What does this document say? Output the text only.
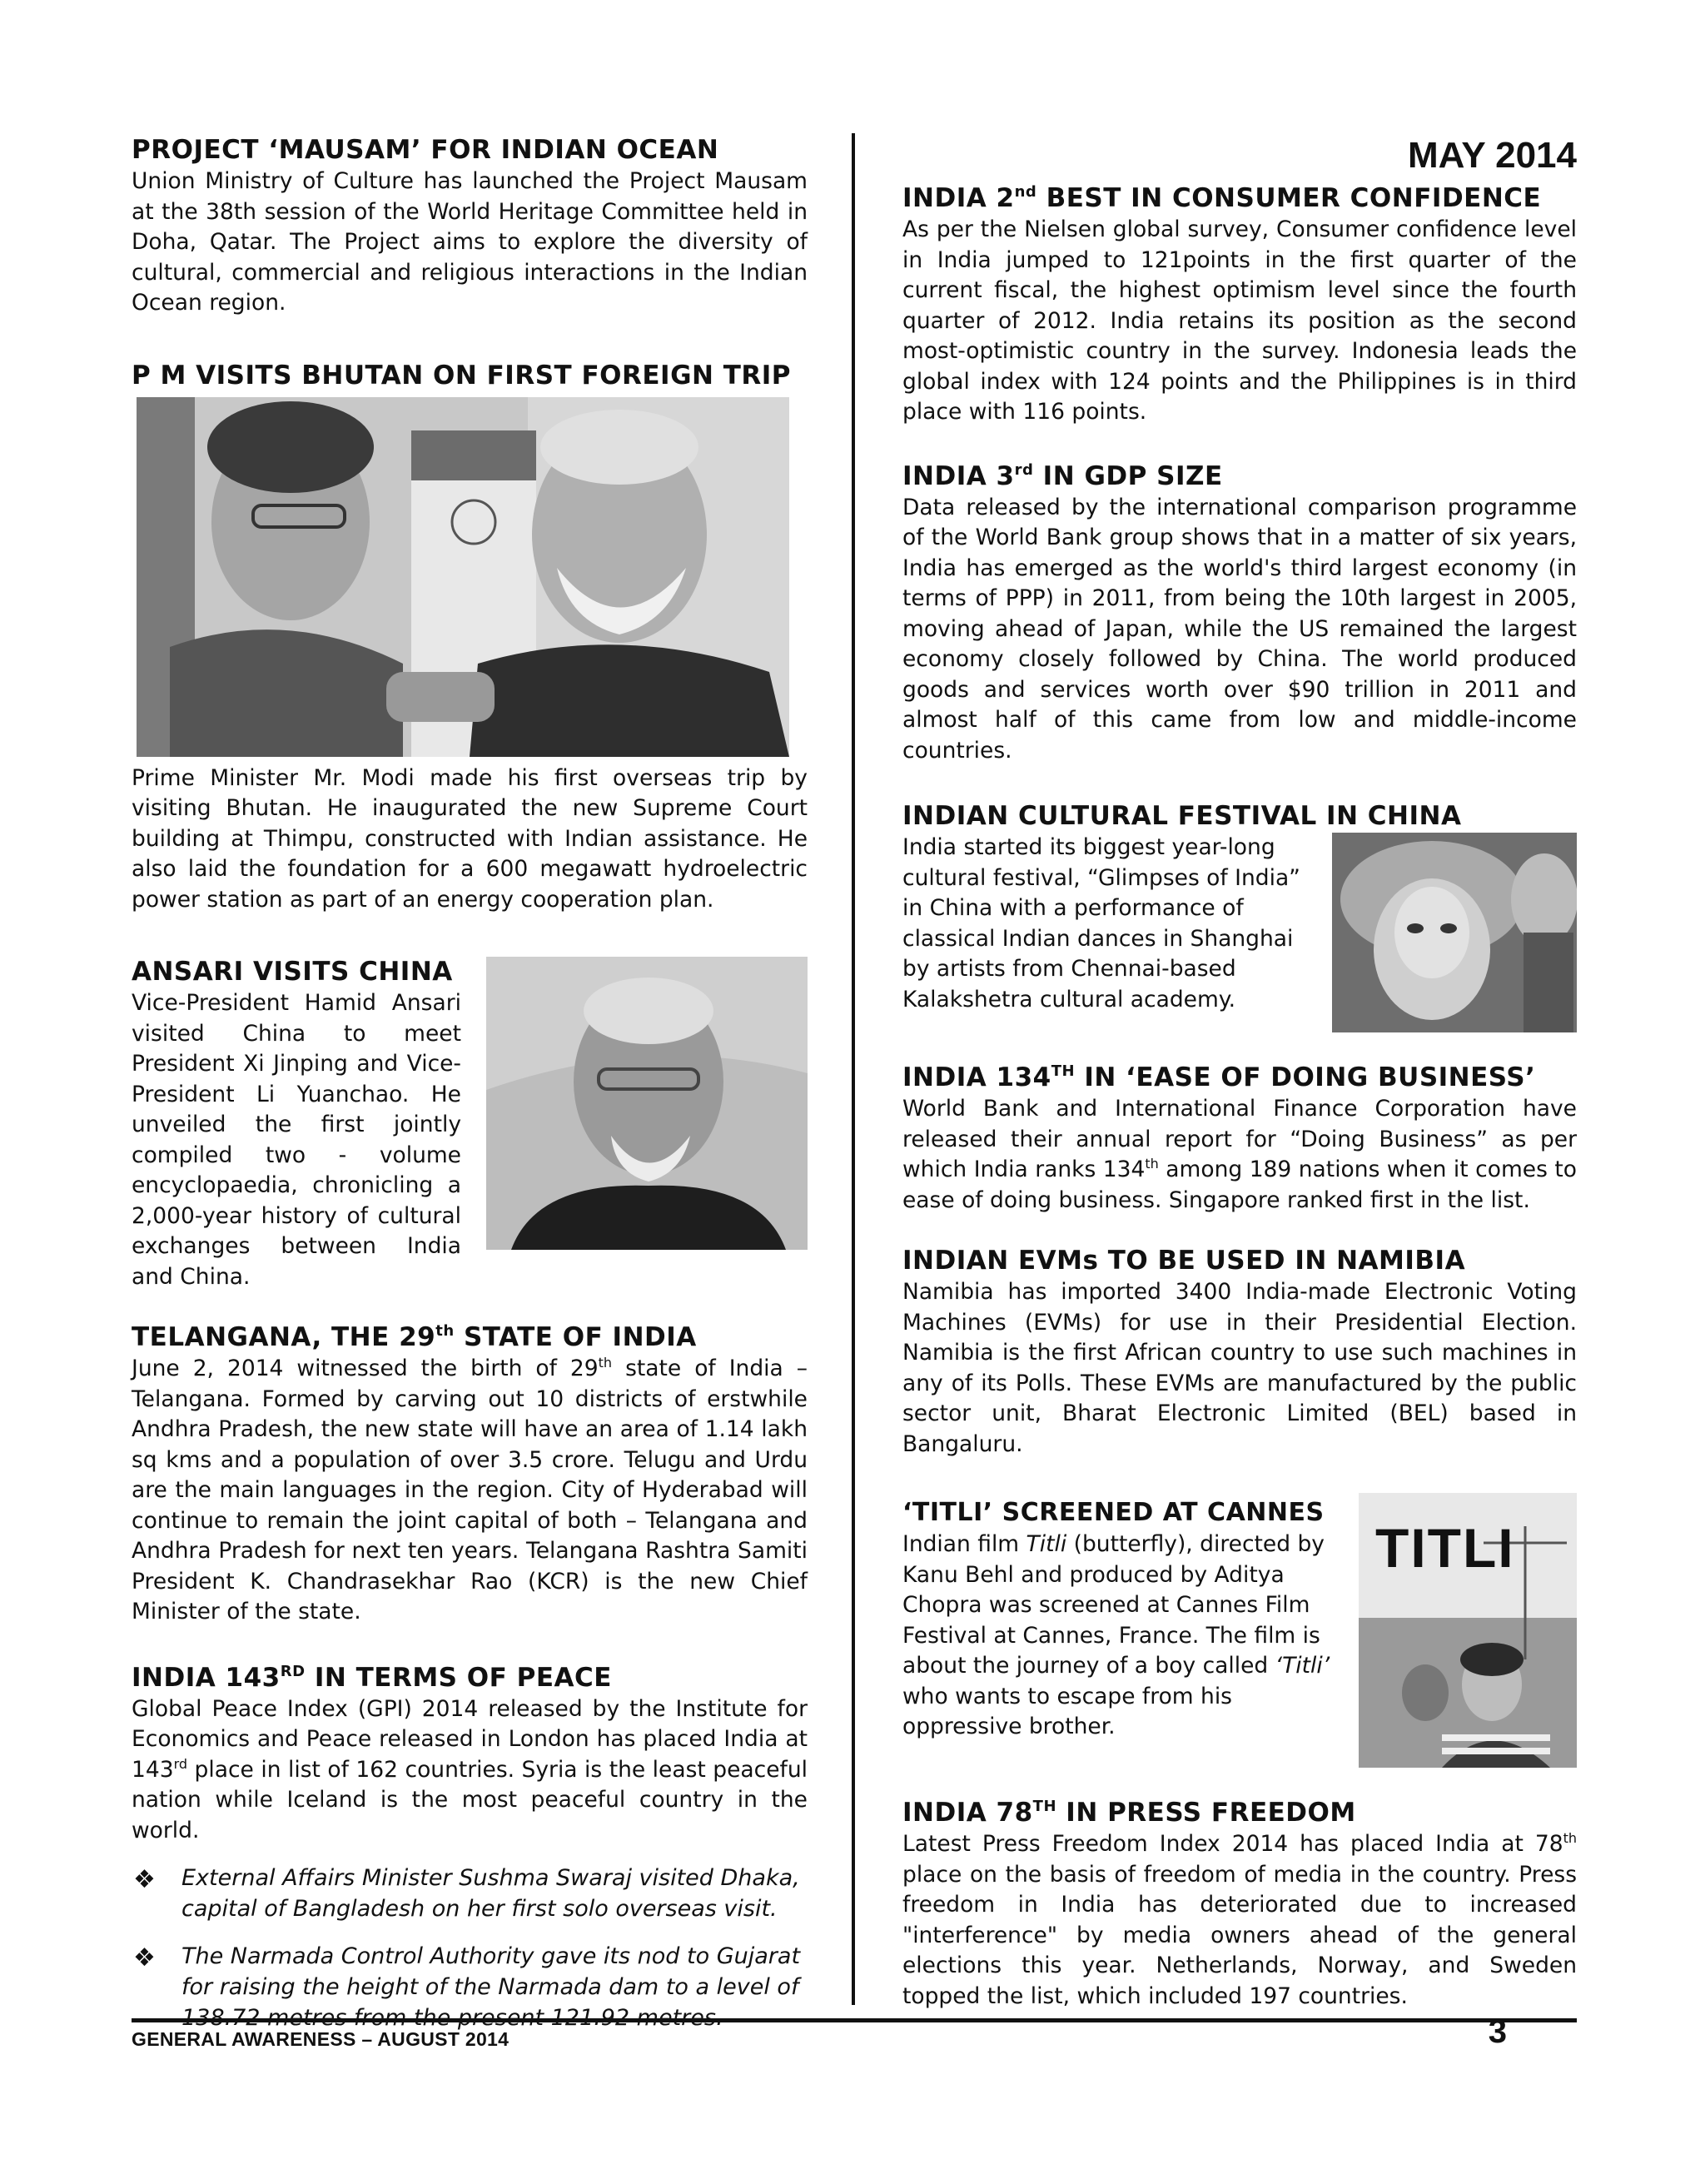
MAY 2014
PROJECT ‘MAUSAM’ FOR INDIAN OCEAN

Union Ministry of Culture has launched the Project Mausam at the 38th session of the World Heritage Committee held in Doha, Qatar. The Project aims to explore the diversity of cultural, commercial and religious interactions in the Indian Ocean region.

P M VISITS BHUTAN ON FIRST FOREIGN TRIP

Prime Minister Mr. Modi made his first overseas trip by visiting Bhutan. He inaugurated the new Supreme Court building at Thimpu, constructed with Indian assistance. He also laid the foundation for a 600 megawatt hydroelectric power station as part of an energy cooperation plan.

ANSARI VISITS CHINA

Vice-President Hamid Ansari visited China to meet President Xi Jinping and Vice-President Li Yuanchao. He unveiled the first jointly compiled two - volume encyclopaedia, chronicling a 2,000-year history of cultural exchanges between India and China.

TELANGANA, THE 29th STATE OF INDIA

June 2, 2014 witnessed the birth of 29th state of India – Telangana. Formed by carving out 10 districts of erstwhile Andhra Pradesh, the new state will have an area of 1.14 lakh sq kms and a population of over 3.5 crore. Telugu and Urdu are the main languages in the region. City of Hyderabad will continue to remain the joint capital of both – Telangana and Andhra Pradesh for next ten years. Telangana Rashtra Samiti President K. Chandrasekhar Rao (KCR) is the new Chief Minister of the state.

INDIA 143RD IN TERMS OF PEACE

Global Peace Index (GPI) 2014 released by the Institute for Economics and Peace released in London has placed India at 143rd place in list of 162 countries. Syria is the least peaceful nation while Iceland is the most peaceful country in the world.

❖ External Affairs Minister Sushma Swaraj visited Dhaka, capital of Bangladesh on her first solo overseas visit.
❖ The Narmada Control Authority gave its nod to Gujarat for raising the height of the Narmada dam to a level of
INDIA 2nd BEST IN CONSUMER CONFIDENCE

As per the Nielsen global survey, Consumer confidence level in India jumped to 121points in the first quarter of the current fiscal, the highest optimism level since the fourth quarter of 2012. India retains its position as the second most-optimistic country in the survey. Indonesia leads the global index with 124 points and the Philippines is in third place with 116 points.

INDIA 3rd IN GDP SIZE

Data released by the international comparison programme of the World Bank group shows that in a matter of six years, India has emerged as the world's third largest economy (in terms of PPP) in 2011, from being the 10th largest in 2005, moving ahead of Japan, while the US remained the largest economy closely followed by China. The world produced goods and services worth over $90 trillion in 2011 and almost half of this came from low and middle-income countries.

INDIAN CULTURAL FESTIVAL IN CHINA

India started its biggest year-long cultural festival, “Glimpses of India” in China with a performance of classical Indian dances in Shanghai by artists from Chennai-based Kalakshetra cultural academy.

INDIA 134TH IN ‘EASE OF DOING BUSINESS’

World Bank and International Finance Corporation have released their annual report for “Doing Business” as per which India ranks 134th among 189 nations when it comes to ease of doing business. Singapore ranked first in the list.

INDIAN EVMs TO BE USED IN NAMIBIA

Namibia has imported 3400 India-made Electronic Voting Machines (EVMs) for use in their Presidential Election. Namibia is the first African country to use such machines in any of its Polls. These EVMs are manufactured by the public sector unit, Bharat Electronic Limited (BEL) based in Bangaluru.

TITLI
‘TITLI’ SCREENED AT CANNES

Indian film Titli (butterfly), directed by Kanu Behl and produced by Aditya Chopra was screened at Cannes Film Festival at Cannes, France. The film is about the journey of a boy called ‘Titli’ who wants to escape from his oppressive brother.

INDIA 78TH IN PRESS FREEDOM

Latest Press Freedom Index 2014 has placed India at 78th place on the basis of freedom of media in the country. Press freedom in India has deteriorated due to increased "interference" by media owners ahead of the general elections this year. Netherlands, Norway, and Sweden topped the list, which included 197 countries.

GENERAL AWARENESS – AUGUST 2014	3
